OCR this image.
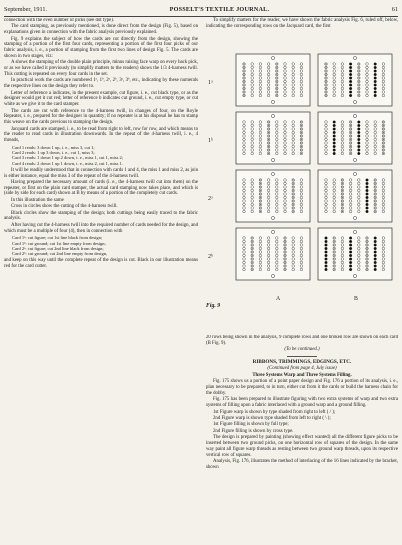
September, 1911.	POSSELT'S TEXTILE JOURNAL.	61

connection with the even number of picks (see dot type).

The card stamping, as previously mentioned, is done direct from the design (Fig. 5), based on explanations given in connection with the fabric analysis previously explained.

Fig. 9 explains the subject of how the cards are cut directly from the design, showing the stamping of a portion of the first four cards, representing a portion of the first four picks of our fabric analysis, i. e., a portion of stamping from the first two lines of design Fig. 5. The cards are shown in two stages, viz:

A shows the stamping of the double plain principle, minus raising face warp on every back pick, or as we have called it previously (to simplify matters to the readers) shows the 1/3 4-harness twill. This cutting is repeated on every four cards in the set.

In practical work the cards are numbered 1ᵃ, 1ᵇ, 2ᵃ, 2ᵇ, 3ᵃ, 3ᵇ, etc., indicating by these numerals the respective lines on the design they refer to.

Letter of reference a indicates, in the present example, cut figure, i. e., cut black type, or as the designer would get it cut red; letter of reference b indicates cut ground, i. e., cut empty type, or cut white as we give it to the card stamper.

The cards are cut with reference to the 4-harness twill, in changes of four, on the Royle Repeater, i. e., prepared for the designer in quantity; if no repeater is at his disposal he has to stamp this weave on the cards previous to stamping the design.

Jacquard cards are stamped, i. e., to be read from right to left, row for row, and which means to the reader to read cards in illustration downwards. In the repeat of the 4-harness twill, i. e., 4 threads,

Card 1 reads: 3 down 1 up, i. e., miss 3, cut 1;
Card 2 reads: 1 up 3 down, i. e., cut 1, miss 3;
Card 3 reads: 1 down 1 up 2 down, i. e., miss 1, cut 1, miss 2;
Card 4 reads: 2 down 1 up 1 down, i. e., miss 2, cut 1, miss 1.

It will be readily understood that in connection with cards 1 and 4, the miss 1 and miss 2, as join is either instance, equal the miss 3 of the repeat of the 4-harness twill.

Having prepared the necessary amount of cards (i. e., the 4-harness twill cut into them) on the repeater, or first on the plain card stamper, the actual card stamping now takes place, and which is (side by side for each card) shown at B by means of a portion of the completely cut cards.

In this illustration the same

Cross in circles show the cutting of the 4-harness twill.

Black circles show the stamping of the design; both cuttings being easily traced to the fabric analysis.

After having cut the 4-harness twill into the required number of cards needed for the design, and which must be a multiple of four (4), then in connection with

Card 1ᵃ: cut figure; cut 1st line black from design;
Card 1ᵇ: cut ground; cut 1st line empty from design;
Card 2ᵃ: cut figure; cut 2nd line black from design;
Card 2ᵇ: cut ground; cut 2nd line empty from design,

and keep on this way until the complete repeat of the design is cut. Black in our illustration means red for the card cutter.

To simplify matters for the reader, we have shown the fabric analysis Fig. 6, ruled off, below, indicating the corresponding rows on the Jacquard card, the first

1ᵃ
1ᵇ
2ᵃ
2ᵇ
Fig. 9
A	B

20 rows being shown in the analysis, 9 complete rows and one broken row are shown on each card (B Fig. 9).

(To be continued.)
RIBBONS, TRIMMINGS, EDGINGS, ETC.
(Continued from page 4, July issue)
Three Systems Warp and Three Systems Filling.

Fig. 175 shows us a portion of a point paper design and Fig. 176 a portion of its analysis, i. e., plan necessary to be prepared, to in turn, either cut from it the cards or build the harness chain for the dobby.

Fig. 175 has been prepared to illustrate figuring with two extra systems of warp and two extra systems of filling upon a fabric interlaced with a ground warp and a ground filling.

1st Figure warp is shown by type shaded from right to left ( / );

2nd Figure warp is shown type shaded from left to right ( \ );

1st Figure filling is shown by full type;

2nd Figure filling is shown by cross type.

The design is prepared by painting (showing effect wanted) all the different figure picks to be inserted between two ground picks, on one horizontal row of squares of the design. In the same way paint all figure warp threads as resting between two ground warp threads, upon its respective vertical row of squares.

Analysis, Fig. 176, illustrates the method of interlacing of the 16 lines indicated by the bracket, shown
